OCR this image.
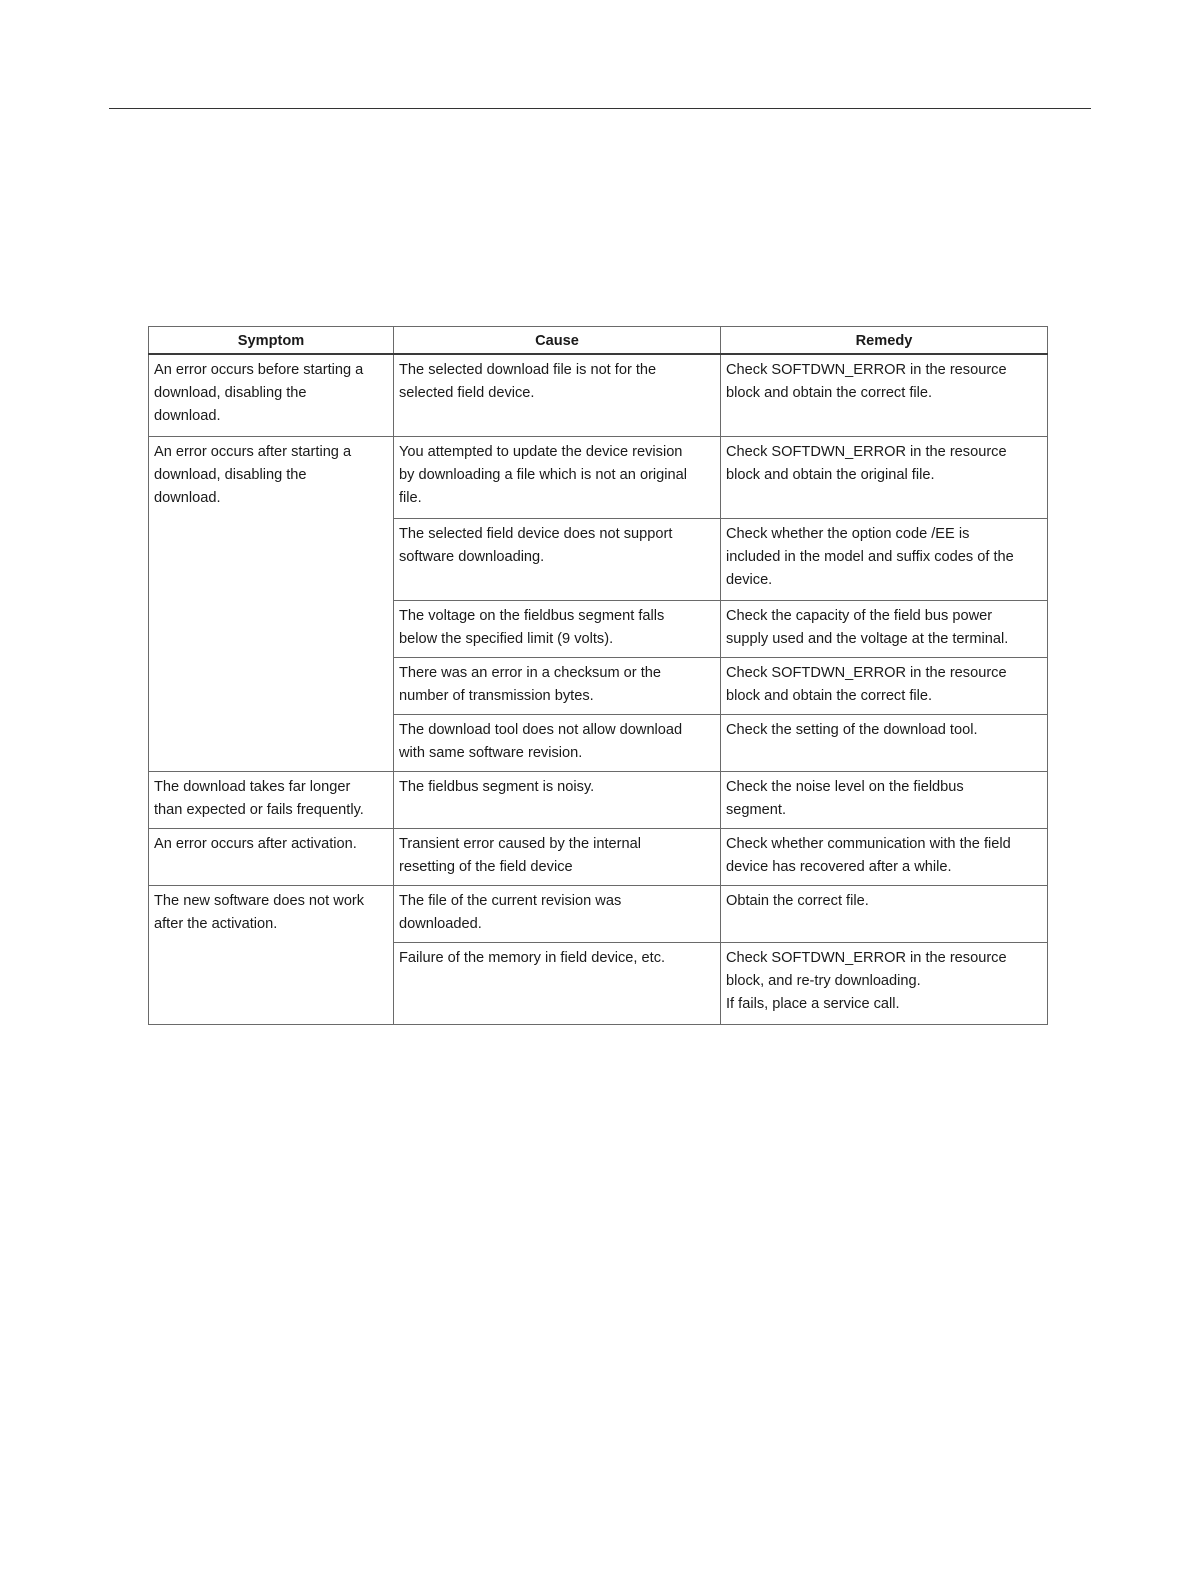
Symptom	Cause	Remedy

An error occurs before starting a
download, disabling the
download.	The selected download file is not for the
selected field device.	Check SOFTDWN_ERROR in the resource
block and obtain the correct file.

An error occurs after starting a
download, disabling the
download.	You attempted to update the device revision
by downloading a file which is not an original
file.	Check SOFTDWN_ERROR in the resource
block and obtain the original file.

	The selected field device does not support
software downloading.	Check whether the option code /EE is
included in the model and suffix codes of the
device.

	The voltage on the fieldbus segment falls
below the specified limit (9 volts).	Check the capacity of the field bus power
supply used and the voltage at the terminal.

	There was an error in a checksum or the
number of transmission bytes.	Check SOFTDWN_ERROR in the resource
block and obtain the correct file.

	The download tool does not allow download
with same software revision.	Check the setting of the download tool.

The download takes far longer
than expected or fails frequently.	The fieldbus segment is noisy.	Check the noise level on the fieldbus
segment.

An error occurs after activation.	Transient error caused by the internal
resetting of the field device	Check whether communication with the field
device has recovered after a while.

The new software does not work
after the activation.	The file of the current revision was
downloaded.	Obtain the correct file.

	Failure of the memory in field device, etc.	Check SOFTDWN_ERROR in the resource
block, and re-try downloading.
If fails, place a service call.
